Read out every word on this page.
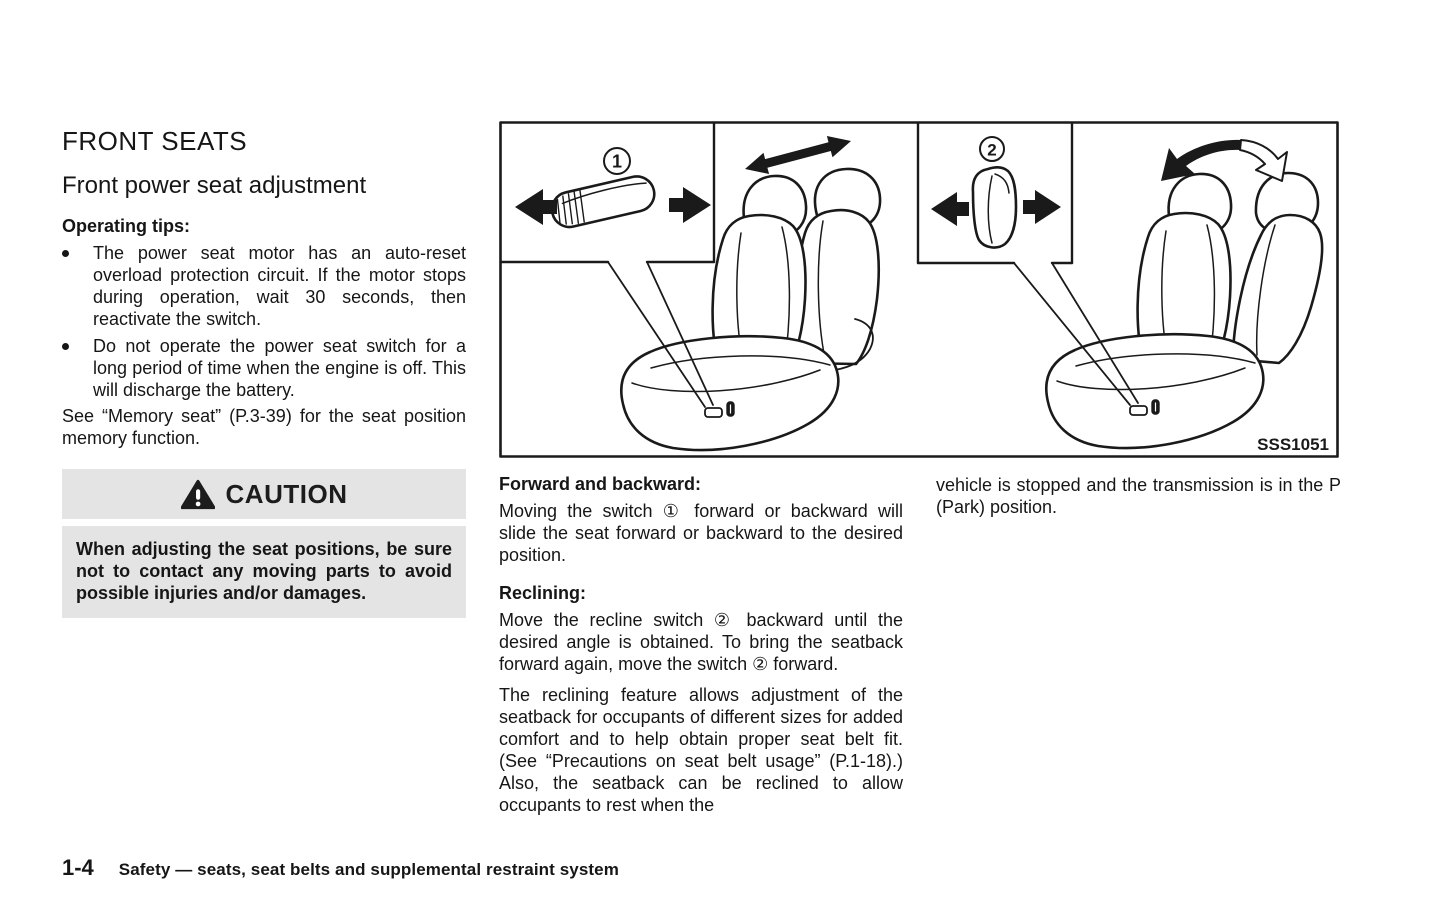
FRONT SEATS
Front power seat adjustment

Operating tips:

The power seat motor has an auto-reset overload protection circuit. If the motor stops during operation, wait 30 seconds, then reactivate the switch.

Do not operate the power seat switch for a long period of time when the engine is off. This will discharge the battery.

See “Memory seat” (P.3-39) for the seat position memory function.

CAUTION

When adjusting the seat positions, be sure not to contact any moving parts to avoid possible injuries and/or damages.

1
2
SSS1051
Forward and backward:

Moving the switch ① forward or backward will slide the seat forward or backward to the desired position.

Reclining:

Move the recline switch ② backward until the desired angle is obtained. To bring the seatback forward again, move the switch ② forward.

The reclining feature allows adjustment of the seatback for occupants of different sizes for added comfort and to help obtain proper seat belt fit. (See “Precautions on seat belt usage” (P.1-18).) Also, the seatback can be reclined to allow occupants to rest when the

vehicle is stopped and the transmission is in the P (Park) position.

1-4 Safety — seats, seat belts and supplemental restraint system
